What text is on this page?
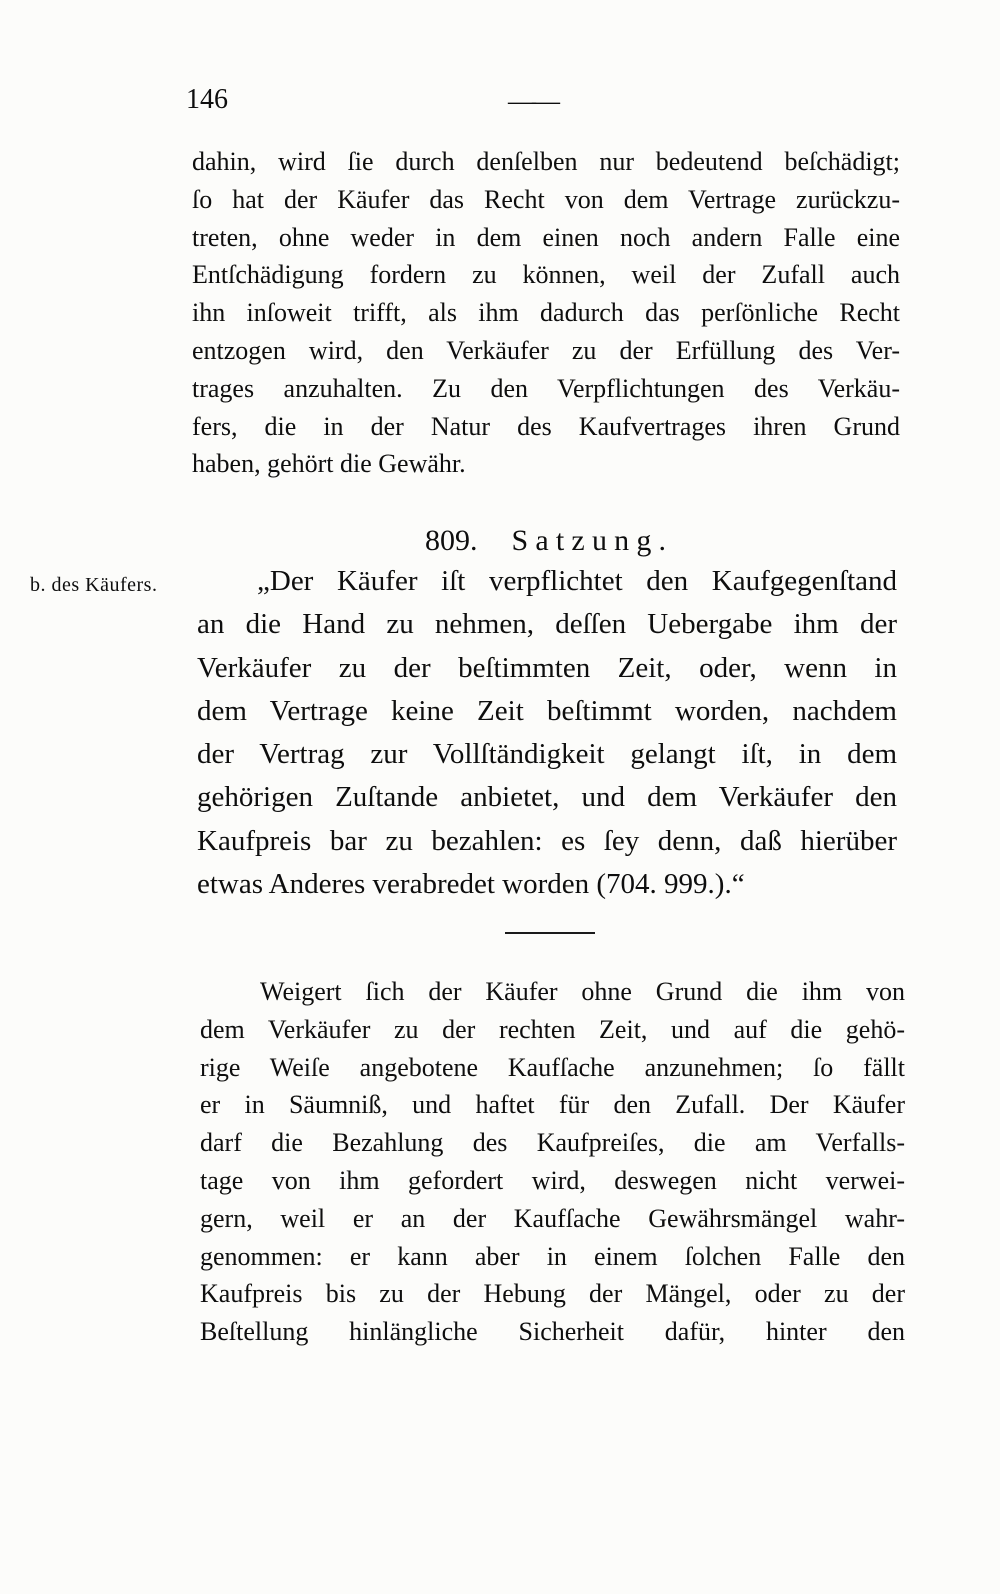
146	——
dahin, wird ſie durch denſelben nur bedeutend beſchädigt;
ſo hat der Käufer das Recht von dem Vertrage zurückzu-
treten, ohne weder in dem einen noch andern Falle eine
Entſchädigung fordern zu können, weil der Zufall auch
ihn inſoweit trifft, als ihm dadurch das perſönliche Recht
entzogen wird, den Verkäufer zu der Erfüllung des Ver-
trages anzuhalten. Zu den Verpflichtungen des Verkäu-
fers, die in der Natur des Kaufvertrages ihren Grund
haben, gehört die Gewähr.
809. Satzung.
b. des Käufers.	„Der Käufer iſt verpflichtet den Kaufgegenſtand
an die Hand zu nehmen, deſſen Uebergabe ihm der
Verkäufer zu der beſtimmten Zeit, oder, wenn in
dem Vertrage keine Zeit beſtimmt worden, nachdem
der Vertrag zur Vollſtändigkeit gelangt iſt, in dem
gehörigen Zuſtande anbietet, und dem Verkäufer den
Kaufpreis bar zu bezahlen: es ſey denn, daß hierüber
etwas Anderes verabredet worden (704. 999.).“
Weigert ſich der Käufer ohne Grund die ihm von
dem Verkäufer zu der rechten Zeit, und auf die gehö-
rige Weiſe angebotene Kaufſache anzunehmen; ſo fällt
er in Säumniß, und haftet für den Zufall. Der Käufer
darf die Bezahlung des Kaufpreiſes, die am Verfalls-
tage von ihm gefordert wird, deswegen nicht verwei-
gern, weil er an der Kaufſache Gewährsmängel wahr-
genommen: er kann aber in einem ſolchen Falle den
Kaufpreis bis zu der Hebung der Mängel, oder zu der
Beſtellung hinlängliche Sicherheit dafür, hinter den
